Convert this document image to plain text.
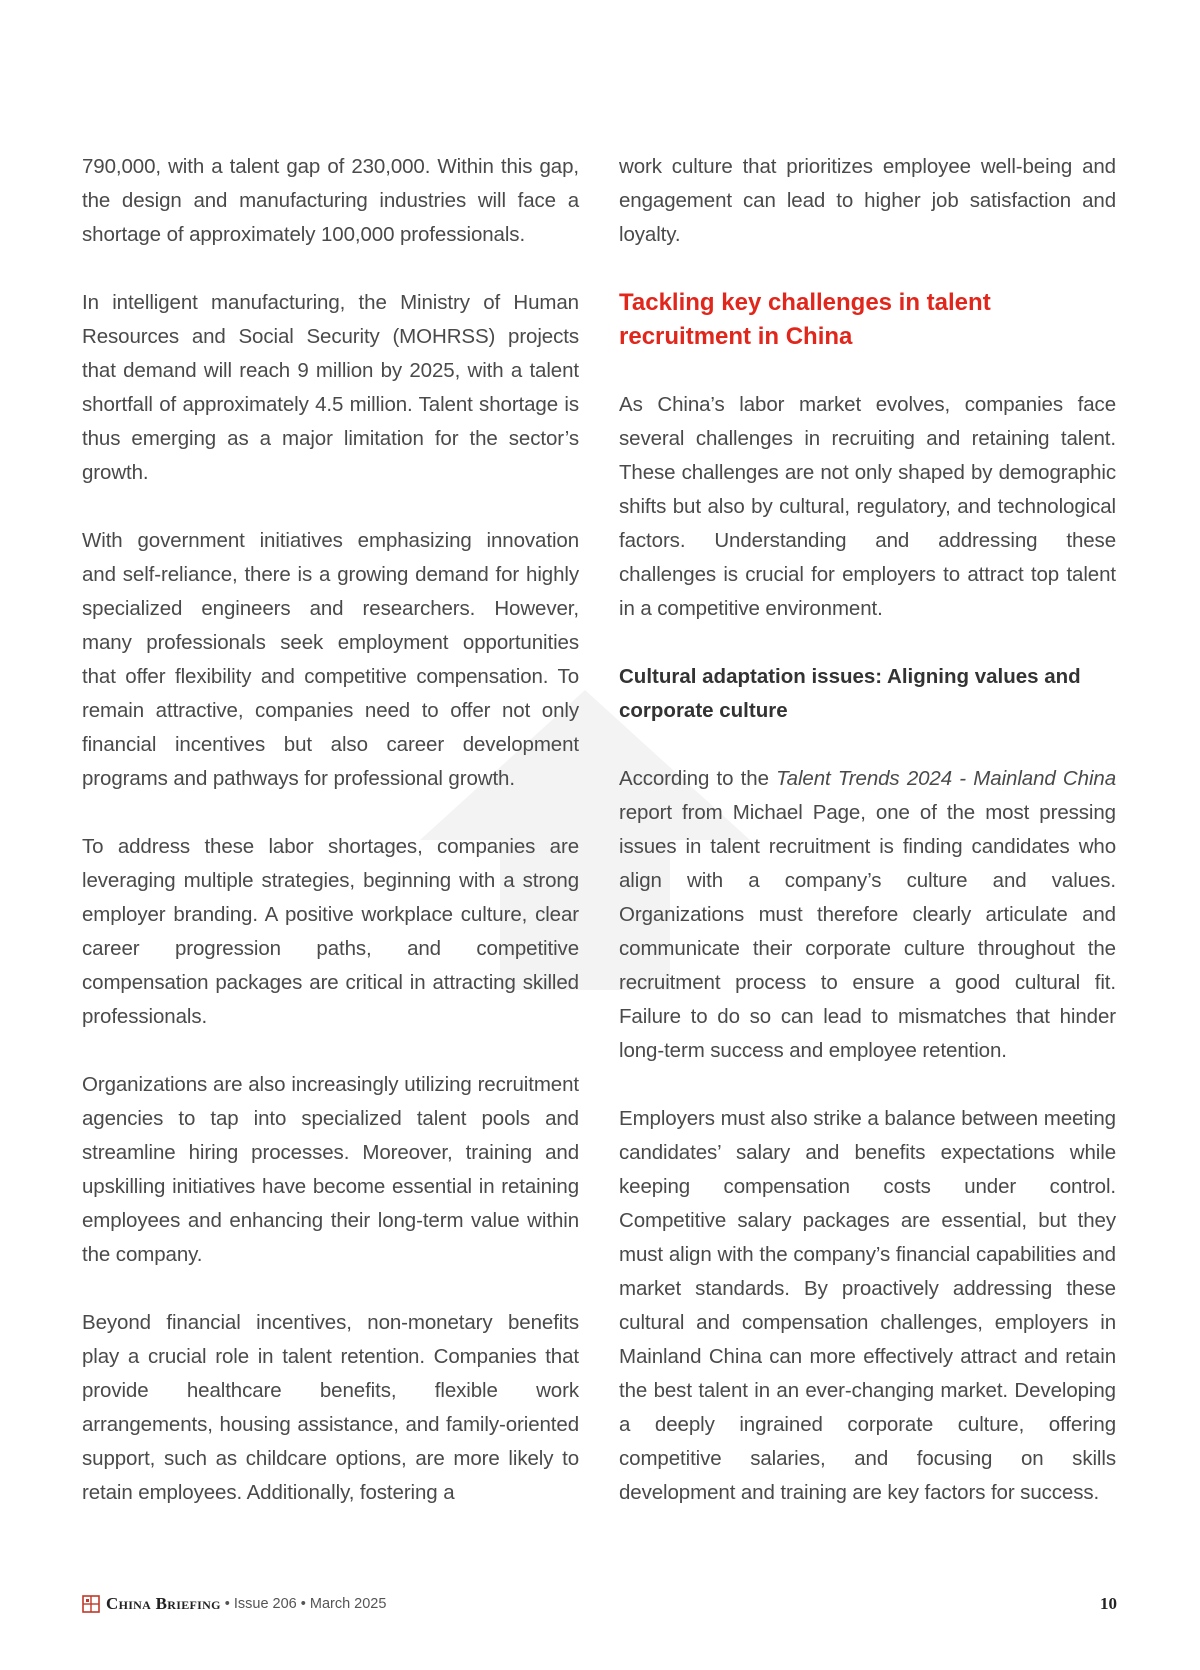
790,000, with a talent gap of 230,000. Within this gap, the design and manufacturing industries will face a shortage of approximately 100,000 professionals.

In intelligent manufacturing, the Ministry of Human Resources and Social Security (MOHRSS) projects that demand will reach 9 million by 2025, with a talent shortfall of approximately 4.5 million. Talent shortage is thus emerging as a major limitation for the sector’s growth.

With government initiatives emphasizing innovation and self-reliance, there is a growing demand for highly specialized engineers and researchers. However, many professionals seek employment opportunities that offer flexibility and competitive compensation. To remain attractive, companies need to offer not only financial incentives but also career development programs and pathways for professional growth.

To address these labor shortages, companies are leveraging multiple strategies, beginning with a strong employer branding. A positive workplace culture, clear career progression paths, and competitive compensation packages are critical in attracting skilled professionals.

Organizations are also increasingly utilizing recruitment agencies to tap into specialized talent pools and streamline hiring processes. Moreover, training and upskilling initiatives have become essential in retaining employees and enhancing their long-term value within the company.

Beyond financial incentives, non-monetary benefits play a crucial role in talent retention. Companies that provide healthcare benefits, flexible work arrangements, housing assistance, and family-oriented support, such as childcare options, are more likely to retain employees. Additionally, fostering a

work culture that prioritizes employee well-being and engagement can lead to higher job satisfaction and loyalty.

Tackling key challenges in talent recruitment in China

As China’s labor market evolves, companies face several challenges in recruiting and retaining talent. These challenges are not only shaped by demographic shifts but also by cultural, regulatory, and technological factors. Understanding and addressing these challenges is crucial for employers to attract top talent in a competitive environment.

Cultural adaptation issues: Aligning values and corporate culture

According to the Talent Trends 2024 - Mainland China report from Michael Page, one of the most pressing issues in talent recruitment is finding candidates who align with a company’s culture and values. Organizations must therefore clearly articulate and communicate their corporate culture throughout the recruitment process to ensure a good cultural fit. Failure to do so can lead to mismatches that hinder long-term success and employee retention.

Employers must also strike a balance between meeting candidates’ salary and benefits expectations while keeping compensation costs under control. Competitive salary packages are essential, but they must align with the company’s financial capabilities and market standards. By proactively addressing these cultural and compensation challenges, employers in Mainland China can more effectively attract and retain the best talent in an ever-changing market. Developing a deeply ingrained corporate culture, offering competitive salaries, and focusing on skills development and training are key factors for success.

China Briefing • Issue 206 • March 2025	10
